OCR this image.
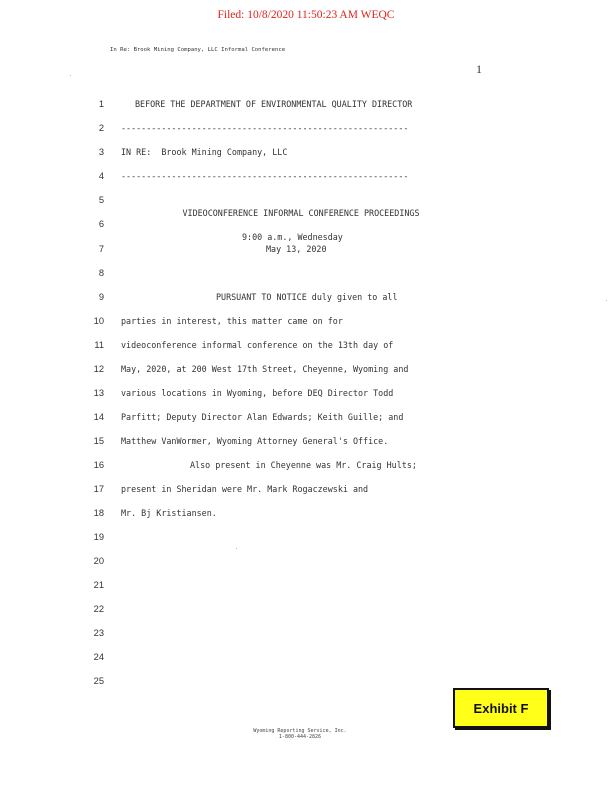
Filed: 10/8/2020 11:50:23 AM WEQC
In Re: Brook Mining Company, LLC Informal Conference
1
1	BEFORE THE DEPARTMENT OF ENVIRONMENTAL QUALITY DIRECTOR
2 ---------------------------------------------------------
3 IN RE:  Brook Mining Company, LLC
4 ---------------------------------------------------------
5
VIDEOCONFERENCE INFORMAL CONFERENCE PROCEEDINGS
6
9:00 a.m., Wednesday
7	May 13, 2020
8
9	PURSUANT TO NOTICE duly given to all
10 parties in interest, this matter came on for
11 videoconference informal conference on the 13th day of
12 May, 2020, at 200 West 17th Street, Cheyenne, Wyoming and
13 various locations in Wyoming, before DEQ Director Todd
14 Parfitt; Deputy Director Alan Edwards; Keith Guille; and
15 Matthew VanWormer, Wyoming Attorney General's Office.
16	Also present in Cheyenne was Mr. Craig Hults;
17 present in Sheridan were Mr. Mark Rogaczewski and
18 Mr. Bj Kristiansen.
19
20
21
22
23
24
25
Exhibit F
Wyoming Reporting Service, Inc.
1-800-444-2826
